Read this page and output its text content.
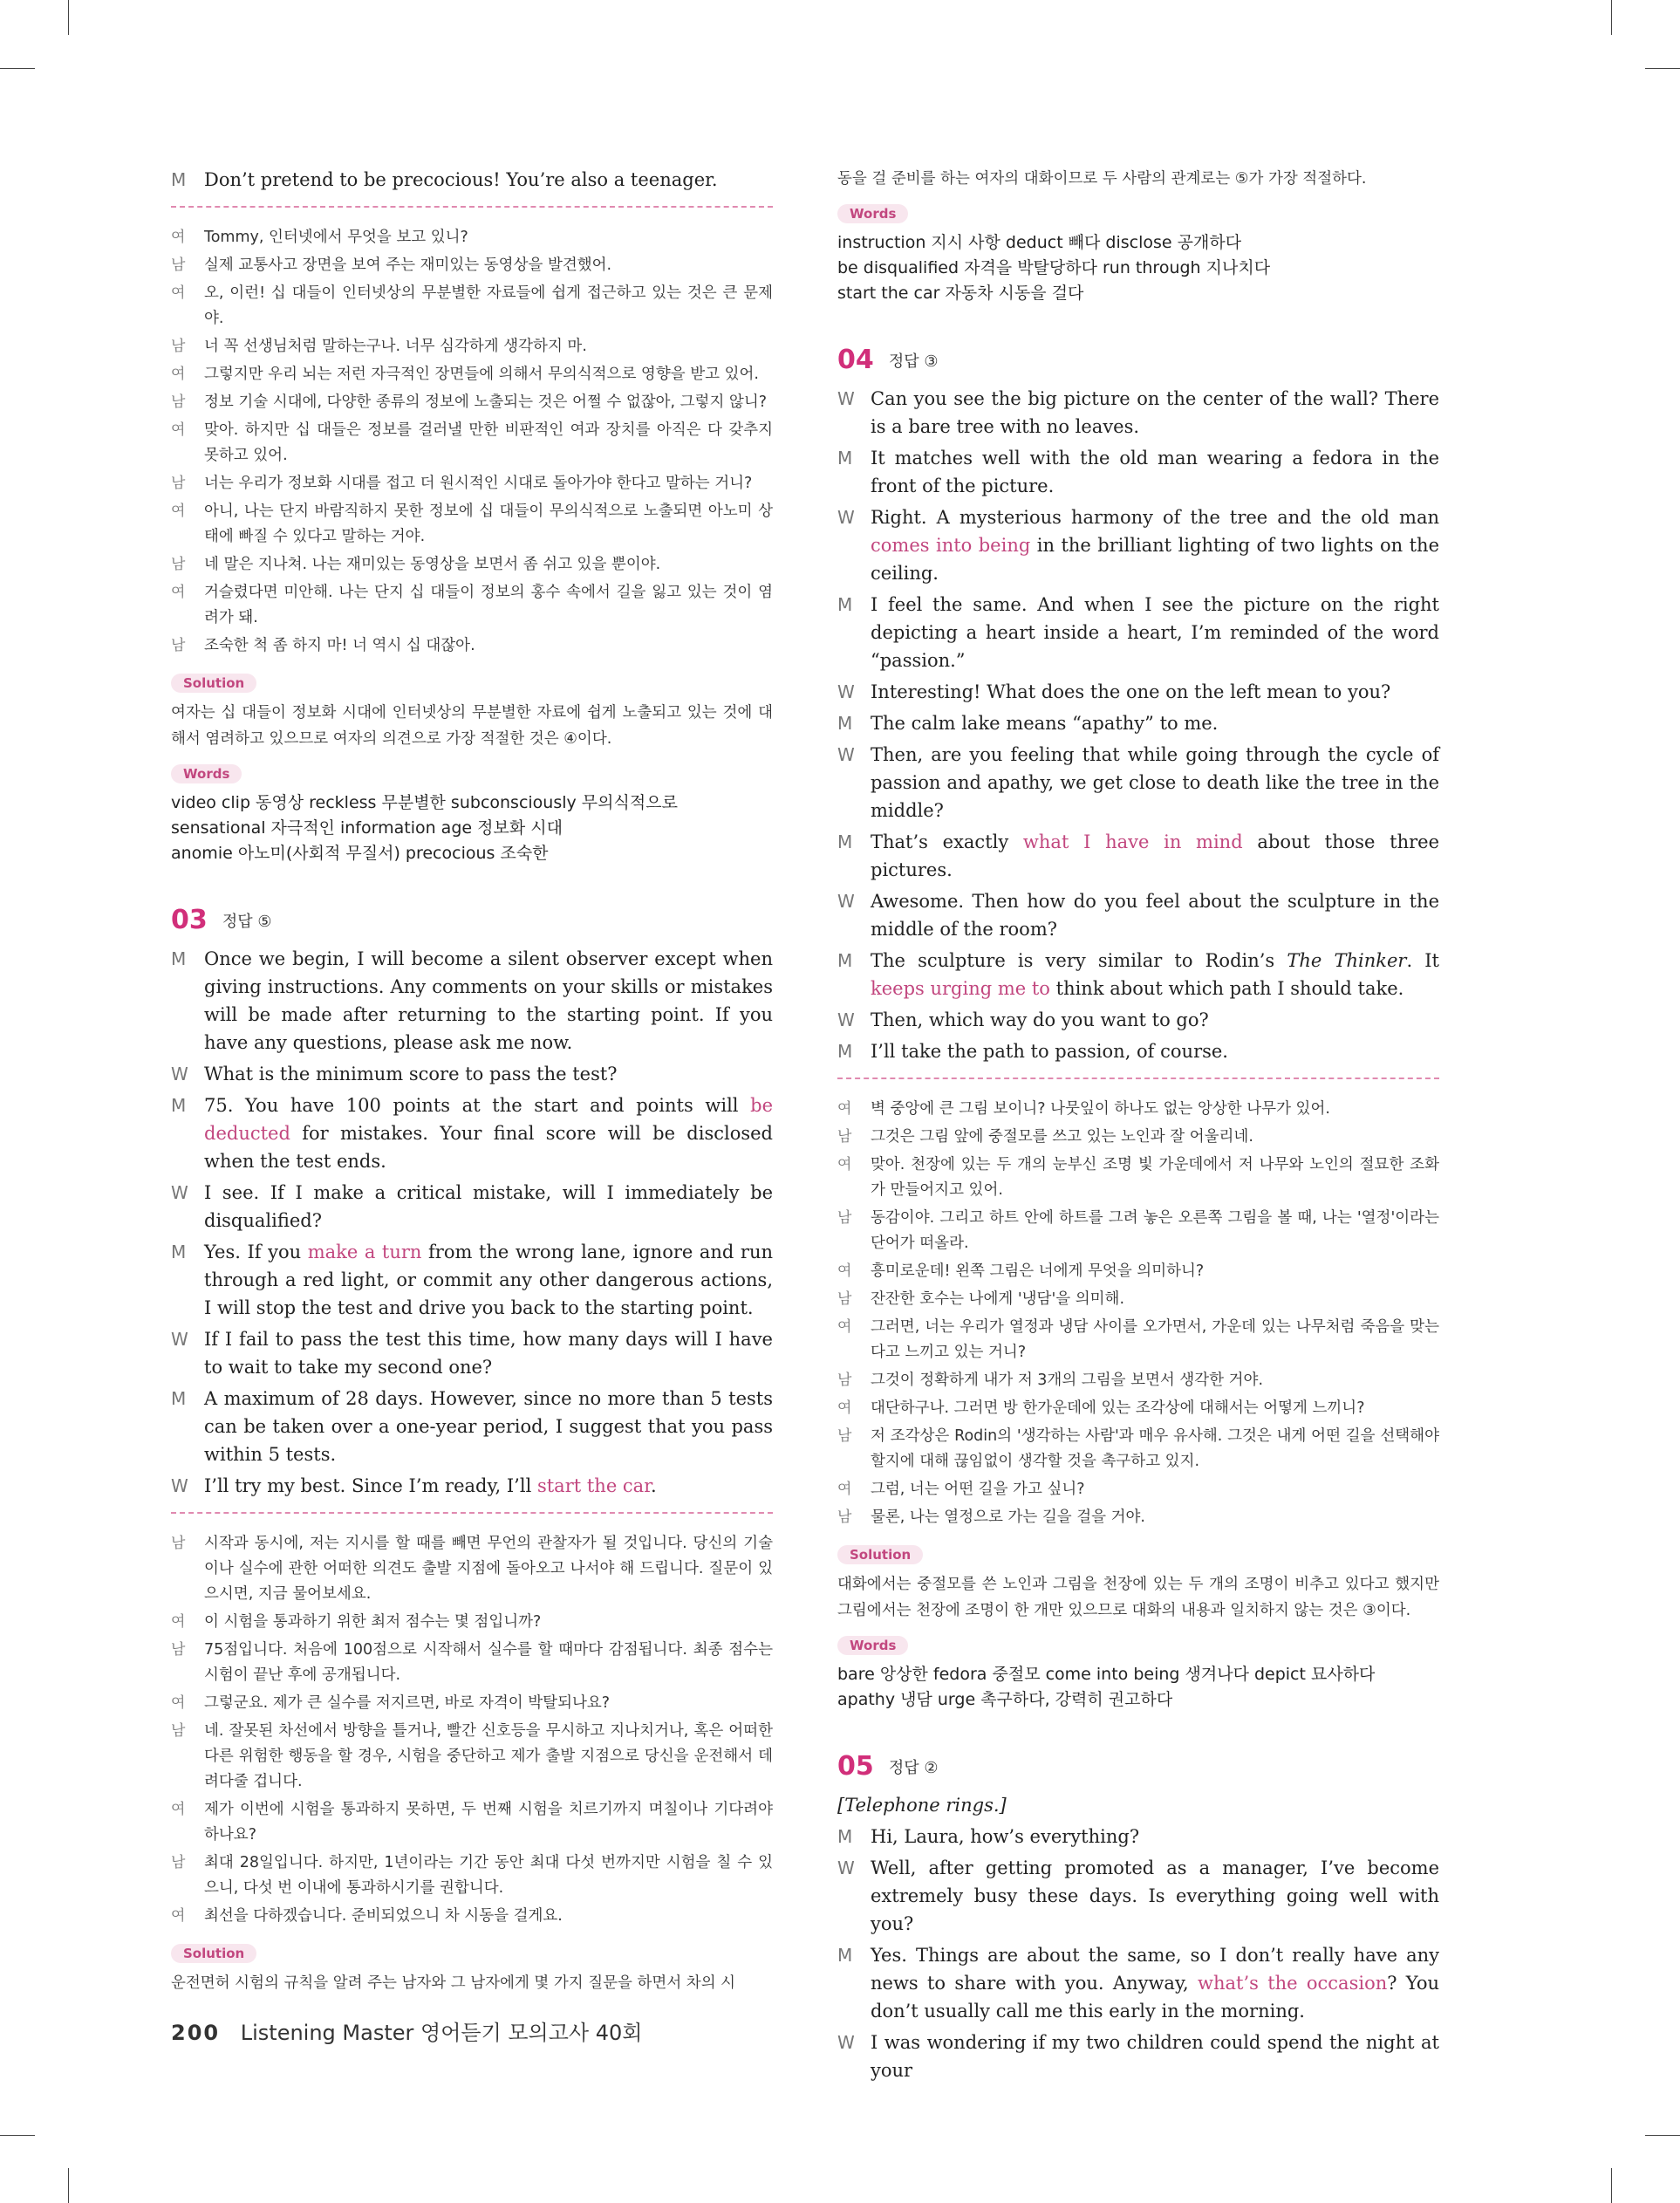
M Don’t pretend to be precocious! You’re also a teenager.

여 Tommy, 인터넷에서 무엇을 보고 있니?

남 실제 교통사고 장면을 보여 주는 재미있는 동영상을 발견했어.

여 오, 이런! 십 대들이 인터넷상의 무분별한 자료들에 쉽게 접근하고 있는 것은 큰 문제야.

남 너 꼭 선생님처럼 말하는구나. 너무 심각하게 생각하지 마.

여 그렇지만 우리 뇌는 저런 자극적인 장면들에 의해서 무의식적으로 영향을 받고 있어.

남 정보 기술 시대에, 다양한 종류의 정보에 노출되는 것은 어쩔 수 없잖아, 그렇지 않니?

여 맞아. 하지만 십 대들은 정보를 걸러낼 만한 비판적인 여과 장치를 아직은 다 갖추지 못하고 있어.

남 너는 우리가 정보화 시대를 접고 더 원시적인 시대로 돌아가야 한다고 말하는 거니?

여 아니, 나는 단지 바람직하지 못한 정보에 십 대들이 무의식적으로 노출되면 아노미 상태에 빠질 수 있다고 말하는 거야.

남 네 말은 지나쳐. 나는 재미있는 동영상을 보면서 좀 쉬고 있을 뿐이야.

여 거슬렸다면 미안해. 나는 단지 십 대들이 정보의 홍수 속에서 길을 잃고 있는 것이 염려가 돼.

남 조숙한 척 좀 하지 마! 너 역시 십 대잖아.

Solution

여자는 십 대들이 정보화 시대에 인터넷상의 무분별한 자료에 쉽게 노출되고 있는 것에 대해서 염려하고 있으므로 여자의 의견으로 가장 적절한 것은 ④이다.

Words

video clip 동영상 reckless 무분별한 subconsciously 무의식적으로

sensational 자극적인 information age 정보화 시대

anomie 아노미(사회적 무질서) precocious 조숙한

03 정답 ⑤

M Once we begin, I will become a silent observer except when giving instructions. Any comments on your skills or mistakes will be made after returning to the starting point. If you have any questions, please ask me now.

W What is the minimum score to pass the test?

M 75. You have 100 points at the start and points will be deducted for mistakes. Your final score will be disclosed when the test ends.

W I see. If I make a critical mistake, will I immediately be disqualified?

M Yes. If you make a turn from the wrong lane, ignore and run through a red light, or commit any other dangerous actions, I will stop the test and drive you back to the starting point.

W If I fail to pass the test this time, how many days will I have to wait to take my second one?

M A maximum of 28 days. However, since no more than 5 tests can be taken over a one-year period, I suggest that you pass within 5 tests.

W I’ll try my best. Since I’m ready, I’ll start the car.

남 시작과 동시에, 저는 지시를 할 때를 빼면 무언의 관찰자가 될 것입니다. 당신의 기술이나 실수에 관한 어떠한 의견도 출발 지점에 돌아오고 나서야 해 드립니다. 질문이 있으시면, 지금 물어보세요.

여 이 시험을 통과하기 위한 최저 점수는 몇 점입니까?

남 75점입니다. 처음에 100점으로 시작해서 실수를 할 때마다 감점됩니다. 최종 점수는 시험이 끝난 후에 공개됩니다.

여 그렇군요. 제가 큰 실수를 저지르면, 바로 자격이 박탈되나요?

남 네. 잘못된 차선에서 방향을 틀거나, 빨간 신호등을 무시하고 지나치거나, 혹은 어떠한 다른 위험한 행동을 할 경우, 시험을 중단하고 제가 출발 지점으로 당신을 운전해서 데려다줄 겁니다.

여 제가 이번에 시험을 통과하지 못하면, 두 번째 시험을 치르기까지 며칠이나 기다려야 하나요?

남 최대 28일입니다. 하지만, 1년이라는 기간 동안 최대 다섯 번까지만 시험을 칠 수 있으니, 다섯 번 이내에 통과하시기를 권합니다.

여 최선을 다하겠습니다. 준비되었으니 차 시동을 걸게요.

Solution

운전면허 시험의 규칙을 알려 주는 남자와 그 남자에게 몇 가지 질문을 하면서 차의 시

동을 걸 준비를 하는 여자의 대화이므로 두 사람의 관계로는 ⑤가 가장 적절하다.

Words

instruction 지시 사항 deduct 빼다 disclose 공개하다

be disqualified 자격을 박탈당하다 run through 지나치다

start the car 자동차 시동을 걸다

04 정답 ③

W Can you see the big picture on the center of the wall? There is a bare tree with no leaves.

M It matches well with the old man wearing a fedora in the front of the picture.

W Right. A mysterious harmony of the tree and the old man comes into being in the brilliant lighting of two lights on the ceiling.

M I feel the same. And when I see the picture on the right depicting a heart inside a heart, I’m reminded of the word “passion.”

W Interesting! What does the one on the left mean to you?

M The calm lake means “apathy” to me.

W Then, are you feeling that while going through the cycle of passion and apathy, we get close to death like the tree in the middle?

M That’s exactly what I have in mind about those three pictures.

W Awesome. Then how do you feel about the sculpture in the middle of the room?

M The sculpture is very similar to Rodin’s The Thinker. It keeps urging me to think about which path I should take.

W Then, which way do you want to go?

M I’ll take the path to passion, of course.

여 벽 중앙에 큰 그림 보이니? 나뭇잎이 하나도 없는 앙상한 나무가 있어.

남 그것은 그림 앞에 중절모를 쓰고 있는 노인과 잘 어울리네.

여 맞아. 천장에 있는 두 개의 눈부신 조명 빛 가운데에서 저 나무와 노인의 절묘한 조화가 만들어지고 있어.

남 동감이야. 그리고 하트 안에 하트를 그려 놓은 오른쪽 그림을 볼 때, 나는 '열정'이라는 단어가 떠올라.

여 흥미로운데! 왼쪽 그림은 너에게 무엇을 의미하니?

남 잔잔한 호수는 나에게 '냉담'을 의미해.

여 그러면, 너는 우리가 열정과 냉담 사이를 오가면서, 가운데 있는 나무처럼 죽음을 맞는다고 느끼고 있는 거니?

남 그것이 정확하게 내가 저 3개의 그림을 보면서 생각한 거야.

여 대단하구나. 그러면 방 한가운데에 있는 조각상에 대해서는 어떻게 느끼니?

남 저 조각상은 Rodin의 '생각하는 사람'과 매우 유사해. 그것은 내게 어떤 길을 선택해야 할지에 대해 끊임없이 생각할 것을 촉구하고 있지.

여 그럼, 너는 어떤 길을 가고 싶니?

남 물론, 나는 열정으로 가는 길을 걸을 거야.

Solution

대화에서는 중절모를 쓴 노인과 그림을 천장에 있는 두 개의 조명이 비추고 있다고 했지만 그림에서는 천장에 조명이 한 개만 있으므로 대화의 내용과 일치하지 않는 것은 ③이다.

Words

bare 앙상한 fedora 중절모 come into being 생겨나다 depict 묘사하다

apathy 냉담 urge 촉구하다, 강력히 권고하다

05 정답 ②

[Telephone rings.]

M Hi, Laura, how’s everything?

W Well, after getting promoted as a manager, I’ve become extremely busy these days. Is everything going well with you?

M Yes. Things are about the same, so I don’t really have any news to share with you. Anyway, what’s the occasion? You don’t usually call me this early in the morning.

W I was wondering if my two children could spend the night at your

200 Listening Master 영어듣기 모의고사 40회
